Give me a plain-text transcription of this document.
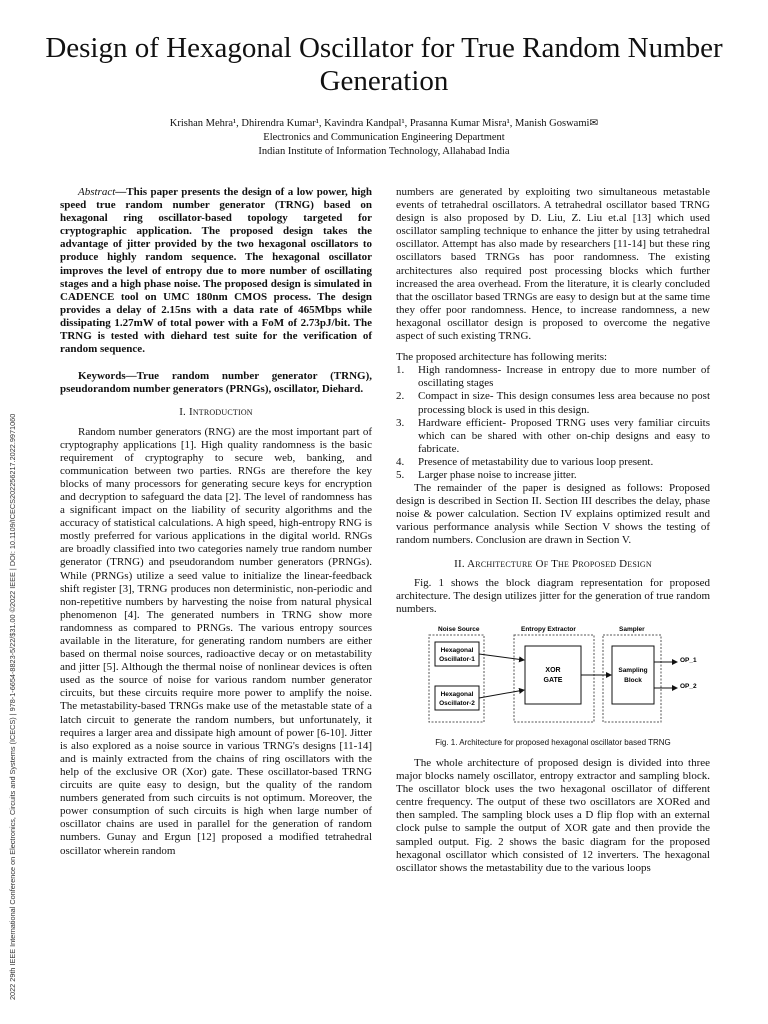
2022 29th IEEE International Conference on Electronics, Circuits and Systems (ICECS) | 978-1-6654-8823-5/22/$31.00 ©2022 IEEE | DOI: 10.1109/ICECS202256217.2022.9971060
Design of Hexagonal Oscillator for True Random Number Generation
Krishan Mehra¹, Dhirendra Kumar¹, Kavindra Kandpal¹, Prasanna Kumar Misra¹, Manish Goswami✉
Electronics and Communication Engineering Department
Indian Institute of Information Technology, Allahabad India

Abstract—This paper presents the design of a low power, high speed true random number generator (TRNG) based on hexagonal ring oscillator-based topology targeted for cryptographic application. The proposed design takes the advantage of jitter provided by the two hexagonal oscillators to produce highly random sequence. The hexagonal oscillator improves the level of entropy due to more number of oscillating stages and a high phase noise. The proposed design is simulated in CADENCE tool on UMC 180nm CMOS process. The design provides a delay of 2.15ns with a data rate of 465Mbps while dissipating 1.27mW of total power with a FoM of 2.73pJ/bit. The TRNG is tested with diehard test suite for the verification of random sequence.

Keywords—True random number generator (TRNG), pseudorandom number generators (PRNGs), oscillator, Diehard.

I. Introduction

Random number generators (RNG) are the most important part of cryptography applications [1]. High quality randomness is the basic requirement of cryptography to secure web, banking, and communication between two parties. RNGs are therefore the key blocks of many processors for generating secure keys for encryption and decryption to safeguard the data [2]. The level of randomness has a significant impact on the liability of security algorithms and the accuracy of statistical calculations. A high speed, high-entropy RNG is mostly preferred for various applications in the digital world. RNGs are broadly classified into two categories namely true random number generator (TRNG) and pseudorandom number generators (PRNGs). While (PRNGs) utilize a seed value to initialize the linear-feedback shift register [3], TRNG produces non deterministic, non-periodic and non-repetitive numbers by harvesting the noise from natural physical phenomenon [4]. The generated numbers in TRNG show more randomness as compared to PRNGs. The various entropy sources available in the literature, for generating random numbers are either based on thermal noise sources, radioactive decay or on metastability and jitter [5]. Although the thermal noise of nonlinear devices is often used as the source of noise for various random number generator circuits, but these circuits require more power to amplify the noise. The metastability-based TRNGs make use of the metastable state of a latch circuit to generate the random numbers, but unfortunately, it requires a larger area and dissipate high amount of power [6-10]. Jitter is also explored as a noise source in various TRNG's designs [11-14] and is mainly extracted from the chains of ring oscillators with the help of the exclusive OR (Xor) gate. These oscillator-based TRNG circuits are quite easy to design, but the quality of the random numbers generated from such circuits is not optimum. Moreover, the power consumption of such circuits is high when large number of oscillator chains are used in parallel for the generation of random numbers. Gunay and Ergun [12] proposed a modified tetrahedral oscillator wherein random

numbers are generated by exploiting two simultaneous metastable events of tetrahedral oscillators. A tetrahedral oscillator based TRNG design is also proposed by D. Liu, Z. Liu et.al [13] which used oscillator sampling technique to enhance the jitter by using tetrahedral oscillator. Attempt has also made by researchers [11-14] but these ring oscillators based TRNGs has poor randomness. The existing architectures also required post processing blocks which further increased the area overhead. From the literature, it is clearly concluded that the oscillator based TRNGs are easy to design but at the same time they offer poor randomness. Hence, to increase randomness, a new hexagonal oscillator design is proposed to overcome the negative aspect of such existing TRNG.

The proposed architecture has following merits:

1. High randomness- Increase in entropy due to more number of oscillating stages
2. Compact in size- This design consumes less area because no post processing block is used in this design.
3. Hardware efficient- Proposed TRNG uses very familiar circuits which can be shared with other on-chip designs and easy to fabricate.
4. Presence of metastability due to various loop present.
5. Larger phase noise to increase jitter.

The remainder of the paper is designed as follows: Proposed design is described in Section II. Section III describes the delay, phase noise & power calculation. Section IV explains optimized result and various performance analysis while Section V shows the testing of random numbers. Conclusion are drawn in Section V.

II. Architecture Of The Proposed Design

Fig. 1 shows the block diagram representation for proposed architecture. The design utilizes jitter for the generation of true random numbers.

Noise Source	Entropy Extractor	Sampler
Hexagonal
Oscillator-1
Hexagonal
Oscillator-2
XOR
GATE
Sampling
Block
OP_1
OP_2

Fig. 1. Architecture for proposed hexagonal oscillator based TRNG

The whole architecture of proposed design is divided into three major blocks namely oscillator, entropy extractor and sampling block. The oscillator block uses the two hexagonal oscillator of different centre frequency. The output of these two oscillators are XORed and then sampled. The sampling block uses a D flip flop with an external clock pulse to sample the output of XOR gate and then provide the sampled output. Fig. 2 shows the basic diagram for the proposed hexagonal oscillator which consisted of 12 inverters. The hexagonal oscillator shows the metastability due to the various loops
